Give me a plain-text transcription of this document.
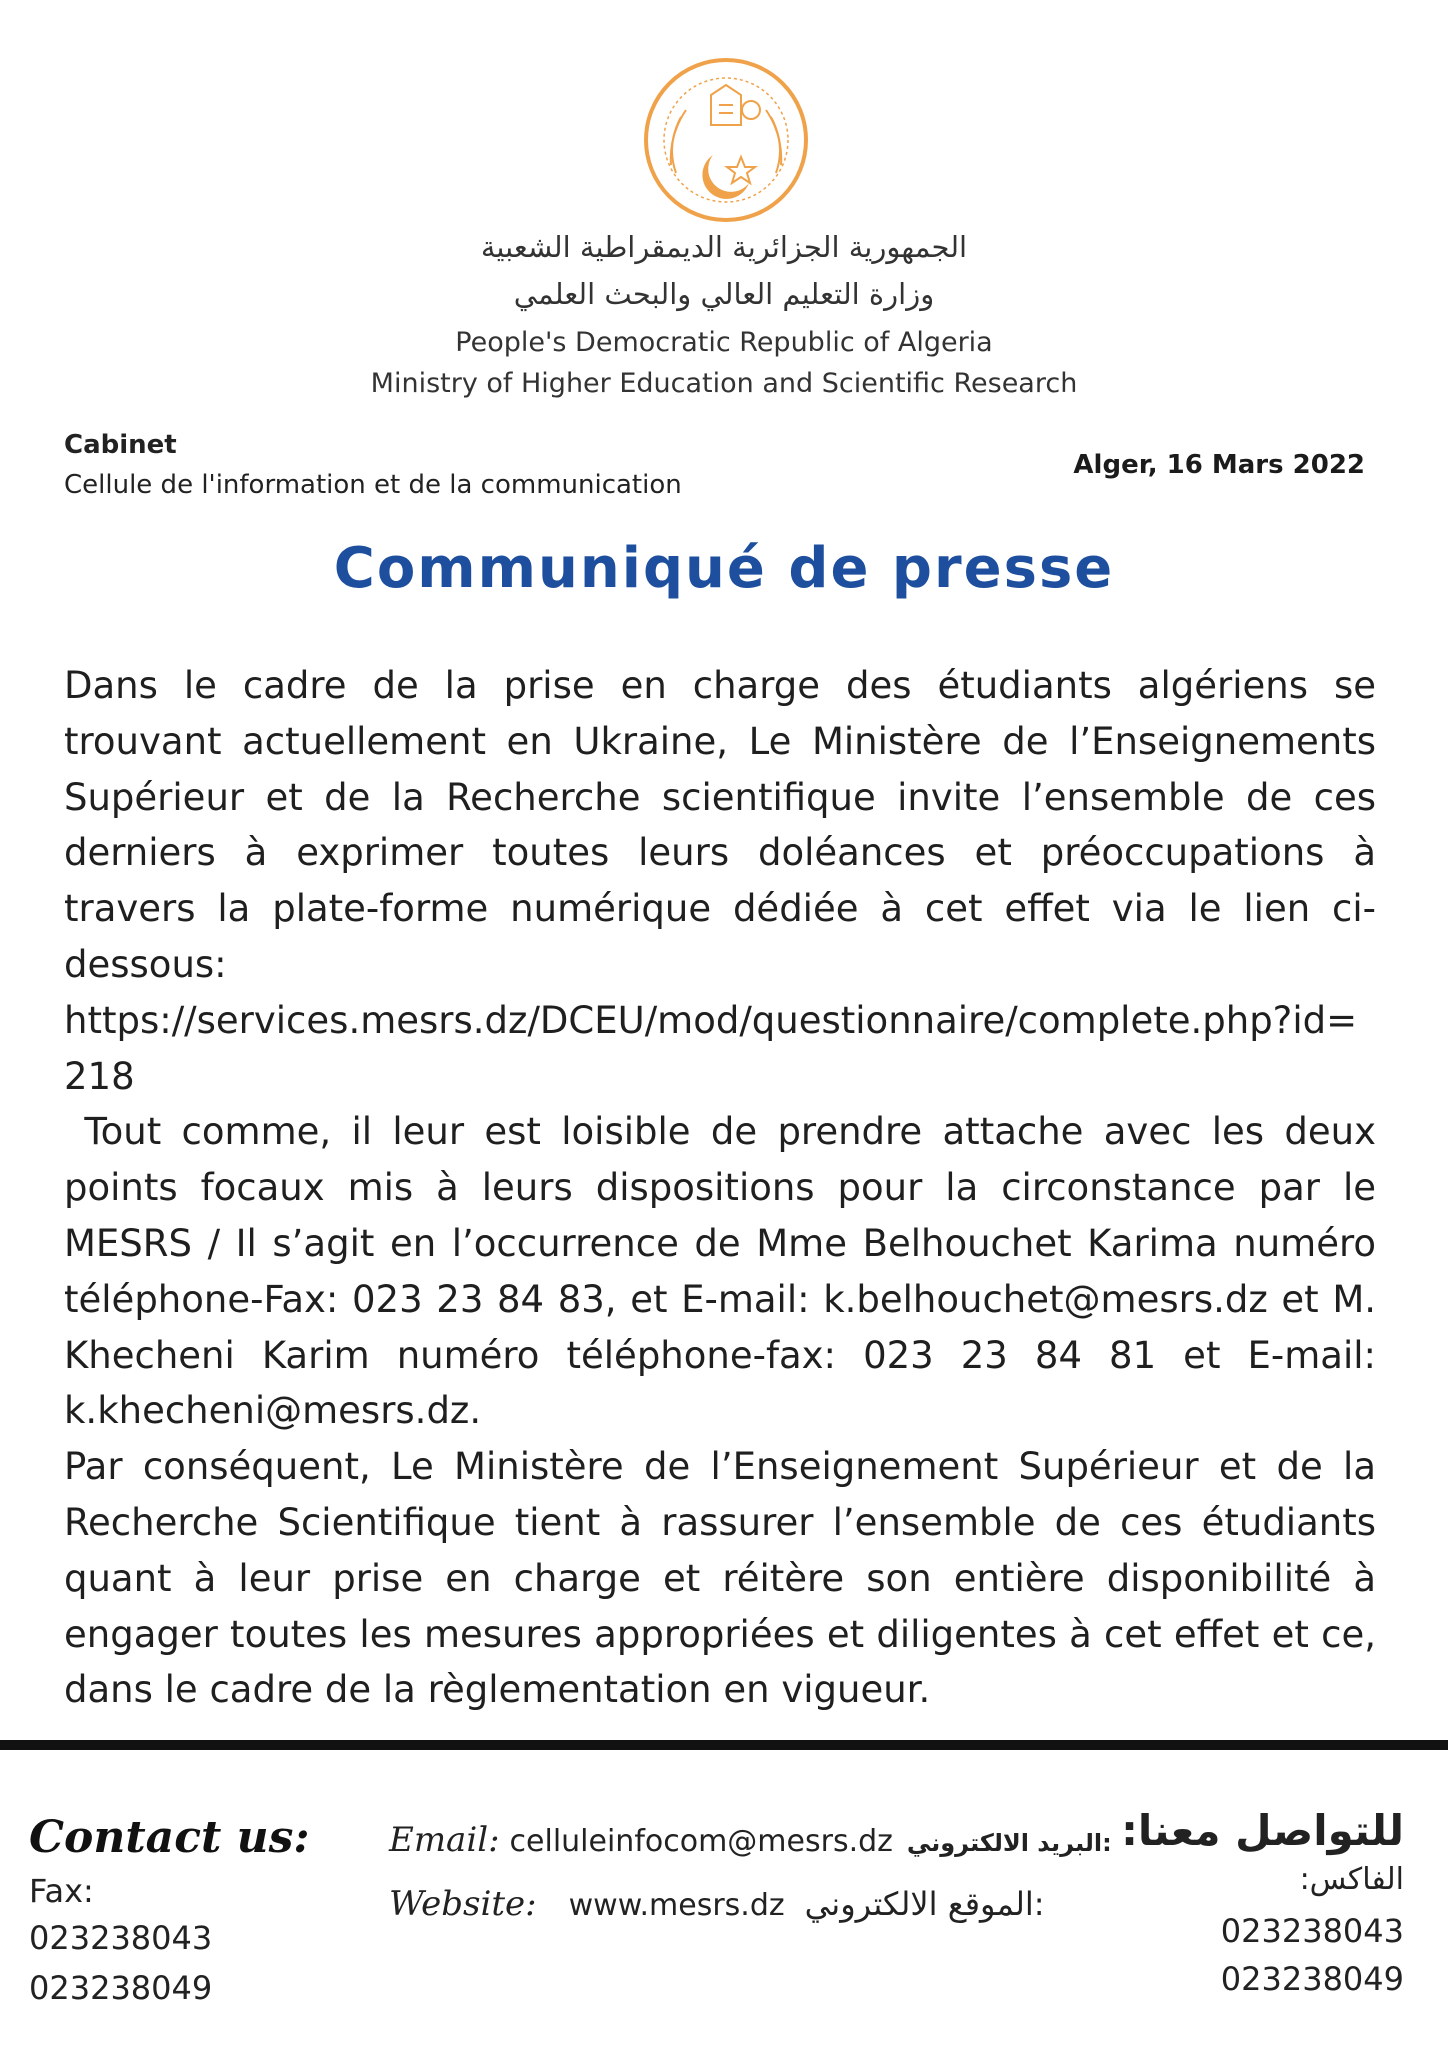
الجمهورية الجزائرية الديمقراطية الشعبية
وزارة التعليم العالي والبحث العلمي
People's Democratic Republic of Algeria
Ministry of Higher Education and Scientific Research
Cabinet
Cellule de l'information et de la communication
Alger, 16 Mars 2022
Communiqué de presse

Dans le cadre de la prise en charge des étudiants algériens se trouvant actuellement en Ukraine, Le Ministère de l’Enseignements Supérieur et de la Recherche scientifique invite l’ensemble de ces derniers à exprimer toutes leurs doléances et préoccupations à travers la plate-forme numérique dédiée à cet effet via le lien ci-dessous:

https://services.mesrs.dz/DCEU/mod/questionnaire/complete.php?id=218

Tout comme, il leur est loisible de prendre attache avec les deux points focaux mis à leurs dispositions pour la circonstance par le MESRS / Il s’agit en l’occurrence de Mme Belhouchet Karima numéro téléphone-Fax: 023 23 84 83, et E-mail: k.belhouchet@mesrs.dz et M. Khecheni Karim numéro téléphone-fax: 023 23 84 81 et E-mail: k.khecheni@mesrs.dz.

Par conséquent, Le Ministère de l’Enseignement Supérieur et de la Recherche Scientifique tient à rassurer l’ensemble de ces étudiants quant à leur prise en charge et réitère son entière disponibilité à engager toutes les mesures appropriées et diligentes à cet effet et ce, dans le cadre de la règlementation en vigueur.

Contact us:
Fax:
023238043
023238049
Email: celluleinfocom@mesrs.dz البريد الالكتروني:
Website: www.mesrs.dz الموقع الالكتروني:
للتواصل معنا:
الفاكس:
023238043
023238049
